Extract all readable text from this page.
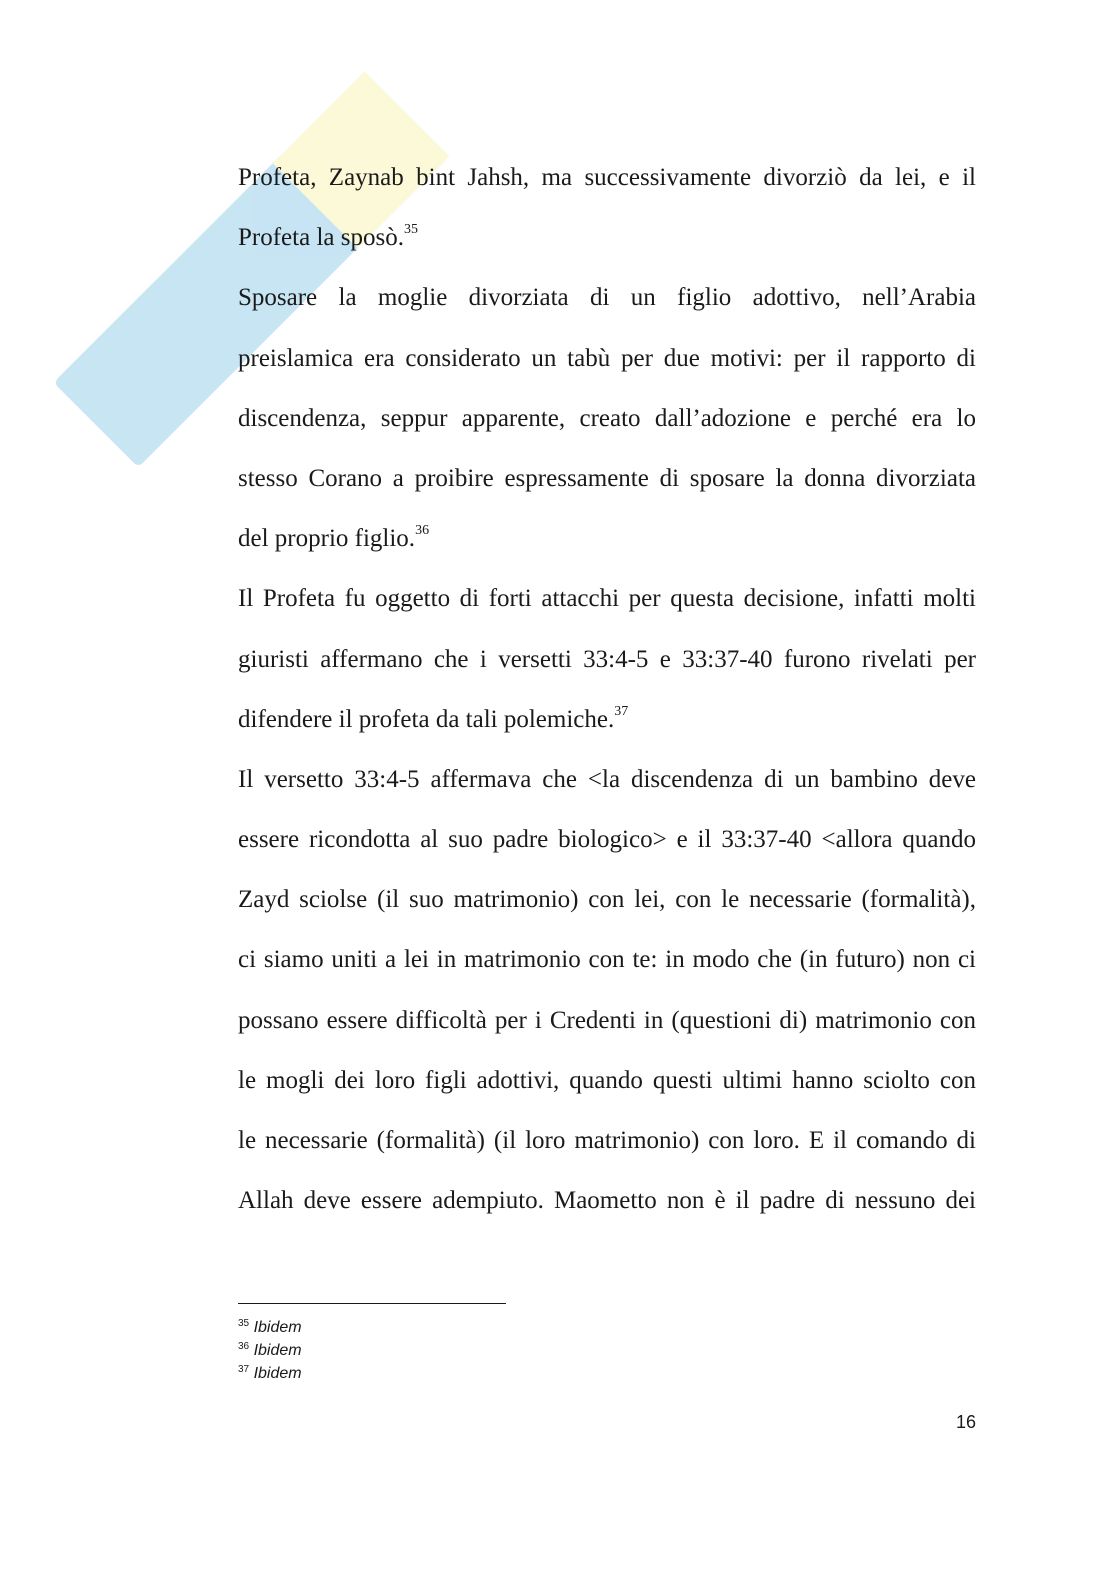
Profeta, Zaynab bint Jahsh, ma successivamente divorziò da lei, e il
Profeta la sposò.$^{35}$
Sposare la moglie divorziata di un figlio adottivo, nell’Arabia
preislamica era considerato un tabù per due motivi: per il rapporto di
discendenza, seppur apparente, creato dall’adozione e perché era lo
stesso Corano a proibire espressamente di sposare la donna divorziata
del proprio figlio.$^{36}$
Il Profeta fu oggetto di forti attacchi per questa decisione, infatti molti
giuristi affermano che i versetti 33:4-5 e 33:37-40 furono rivelati per
difendere il profeta da tali polemiche.$^{37}$
Il versetto 33:4-5 affermava che <la discendenza di un bambino deve
essere ricondotta al suo padre biologico> e il 33:37-40 <allora quando
Zayd sciolse (il suo matrimonio) con lei, con le necessarie (formalità),
ci siamo uniti a lei in matrimonio con te: in modo che (in futuro) non ci
possano essere difficoltà per i Credenti in (questioni di) matrimonio con
le mogli dei loro figli adottivi, quando questi ultimi hanno sciolto con
le necessarie (formalità) (il loro matrimonio) con loro. E il comando di
Allah deve essere adempiuto. Maometto non è il padre di nessuno dei
$^{35}$ Ibidem
$^{36}$ Ibidem
$^{37}$ Ibidem
16
